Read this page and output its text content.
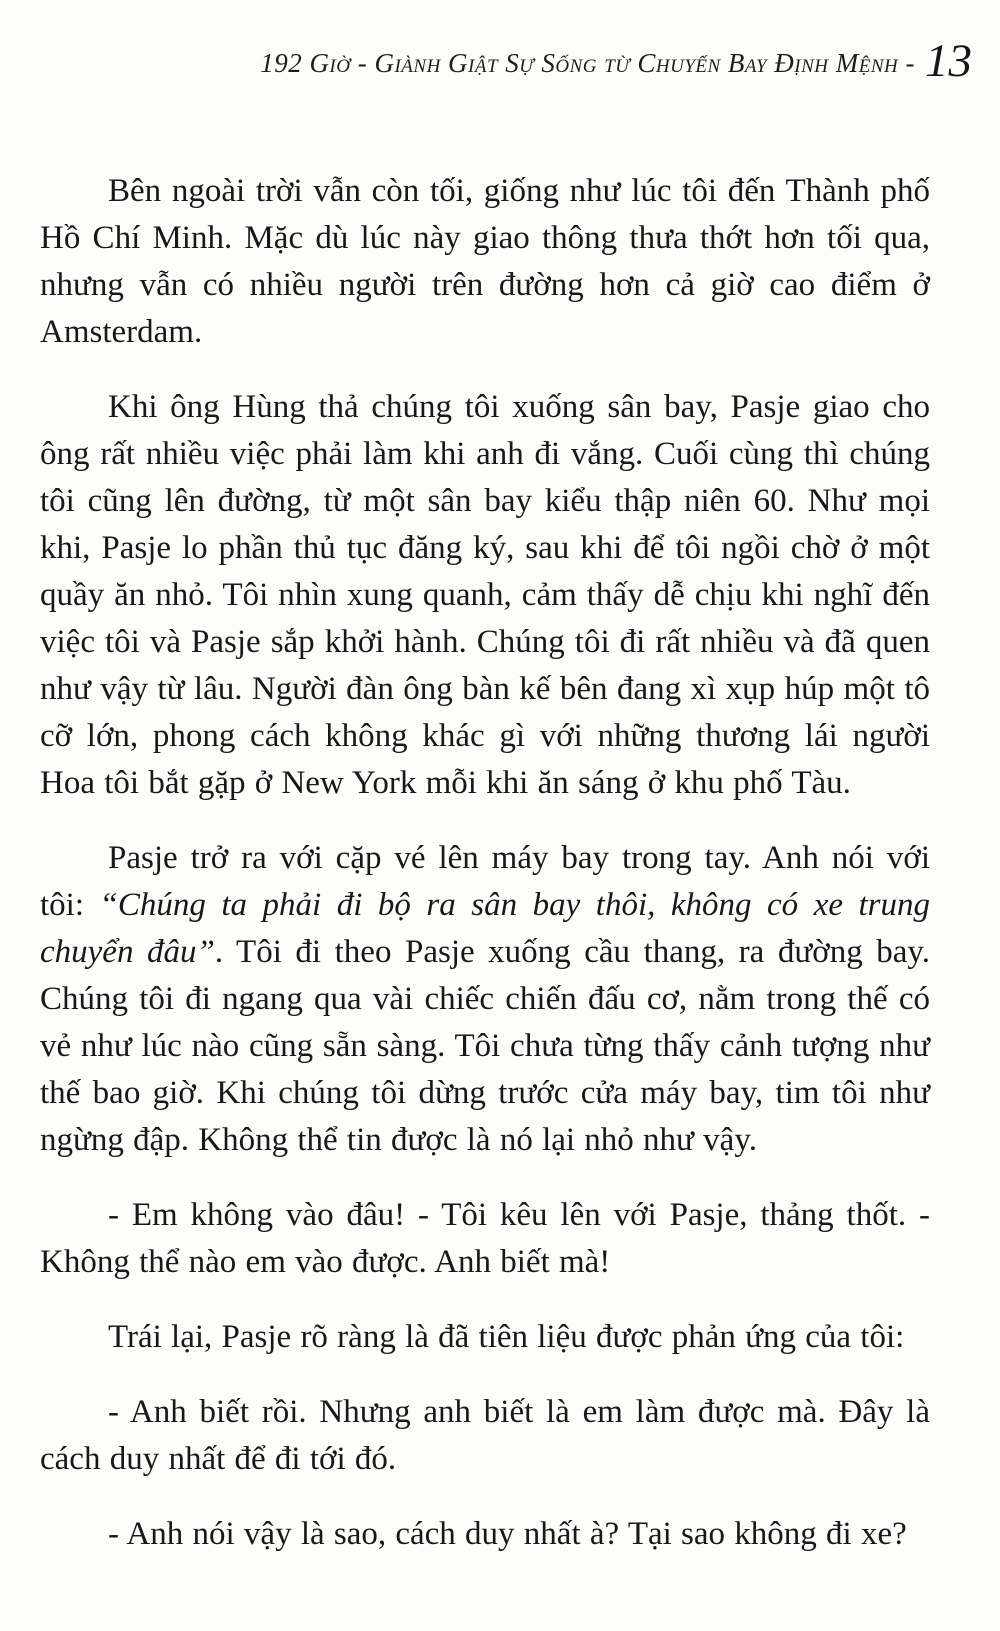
192 Giờ - Giành Giật Sự Sống từ Chuyến Bay Định Mệnh - 13

Bên ngoài trời vẫn còn tối, giống như lúc tôi đến Thành phố Hồ Chí Minh. Mặc dù lúc này giao thông thưa thớt hơn tối qua, nhưng vẫn có nhiều người trên đường hơn cả giờ cao điểm ở Amsterdam.

Khi ông Hùng thả chúng tôi xuống sân bay, Pasje giao cho ông rất nhiều việc phải làm khi anh đi vắng. Cuối cùng thì chúng tôi cũng lên đường, từ một sân bay kiểu thập niên 60. Như mọi khi, Pasje lo phần thủ tục đăng ký, sau khi để tôi ngồi chờ ở một quầy ăn nhỏ. Tôi nhìn xung quanh, cảm thấy dễ chịu khi nghĩ đến việc tôi và Pasje sắp khởi hành. Chúng tôi đi rất nhiều và đã quen như vậy từ lâu. Người đàn ông bàn kế bên đang xì xụp húp một tô cỡ lớn, phong cách không khác gì với những thương lái người Hoa tôi bắt gặp ở New York mỗi khi ăn sáng ở khu phố Tàu.

Pasje trở ra với cặp vé lên máy bay trong tay. Anh nói với tôi: “Chúng ta phải đi bộ ra sân bay thôi, không có xe trung chuyển đâu”. Tôi đi theo Pasje xuống cầu thang, ra đường bay. Chúng tôi đi ngang qua vài chiếc chiến đấu cơ, nằm trong thế có vẻ như lúc nào cũng sẵn sàng. Tôi chưa từng thấy cảnh tượng như thế bao giờ. Khi chúng tôi dừng trước cửa máy bay, tim tôi như ngừng đập. Không thể tin được là nó lại nhỏ như vậy.

- Em không vào đâu! - Tôi kêu lên với Pasje, thảng thốt. - Không thể nào em vào được. Anh biết mà!

Trái lại, Pasje rõ ràng là đã tiên liệu được phản ứng của tôi:

- Anh biết rồi. Nhưng anh biết là em làm được mà. Đây là cách duy nhất để đi tới đó.

- Anh nói vậy là sao, cách duy nhất à? Tại sao không đi xe?
